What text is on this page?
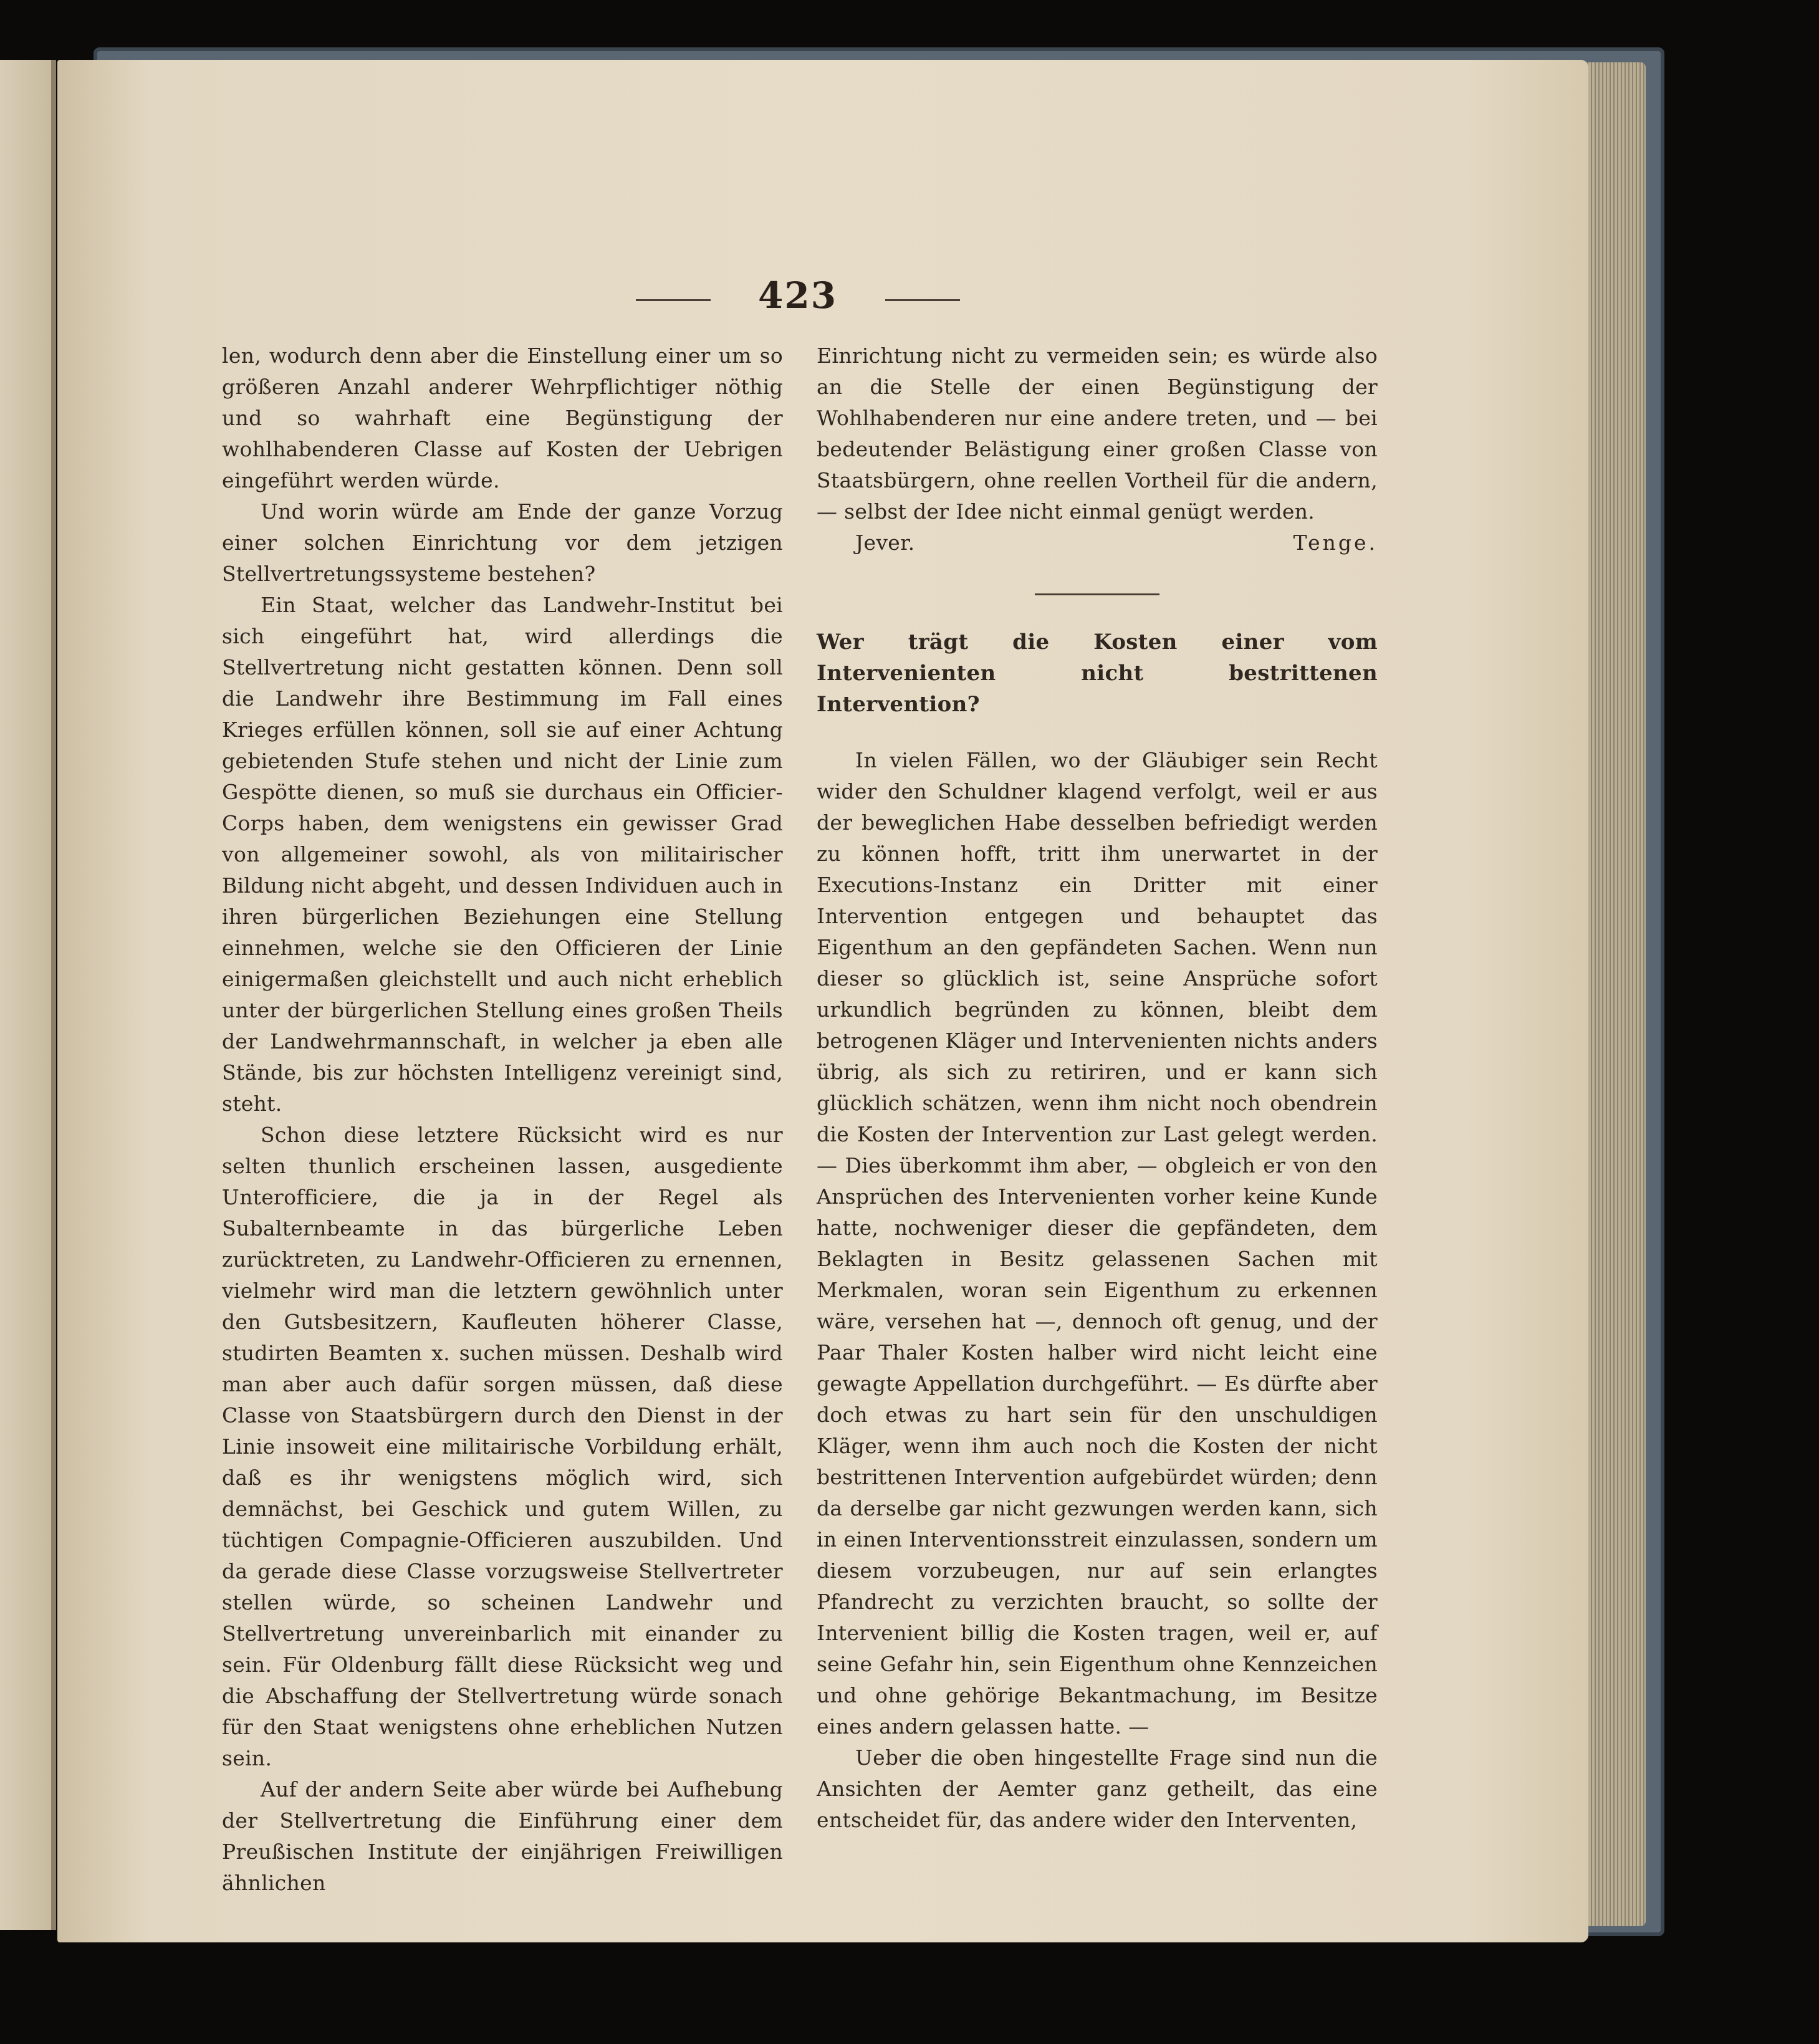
423

len, wodurch denn aber die Einstellung einer um so größeren Anzahl anderer Wehrpflichtiger nöthig und so wahrhaft eine Begünstigung der wohlhabenderen Classe auf Kosten der Uebrigen eingeführt werden würde.

Und worin würde am Ende der ganze Vorzug einer solchen Einrichtung vor dem jetzigen Stellvertretungssysteme bestehen?

Ein Staat, welcher das Landwehr-Institut bei sich eingeführt hat, wird allerdings die Stellvertretung nicht gestatten können. Denn soll die Landwehr ihre Bestimmung im Fall eines Krieges erfüllen können, soll sie auf einer Achtung gebietenden Stufe stehen und nicht der Linie zum Gespötte dienen, so muß sie durchaus ein Officier-Corps haben, dem wenigstens ein gewisser Grad von allgemeiner sowohl, als von militairischer Bildung nicht abgeht, und dessen Individuen auch in ihren bürgerlichen Beziehungen eine Stellung einnehmen, welche sie den Officieren der Linie einigermaßen gleichstellt und auch nicht erheblich unter der bürgerlichen Stellung eines großen Theils der Landwehrmannschaft, in welcher ja eben alle Stände, bis zur höchsten Intelligenz vereinigt sind, steht.

Schon diese letztere Rücksicht wird es nur selten thunlich erscheinen lassen, ausgediente Unterofficiere, die ja in der Regel als Subalternbeamte in das bürgerliche Leben zurücktreten, zu Landwehr-Officieren zu ernennen, vielmehr wird man die letztern gewöhnlich unter den Gutsbesitzern, Kaufleuten höherer Classe, studirten Beamten x. suchen müssen. Deshalb wird man aber auch dafür sorgen müssen, daß diese Classe von Staatsbürgern durch den Dienst in der Linie insoweit eine militairische Vorbildung erhält, daß es ihr wenigstens möglich wird, sich demnächst, bei Geschick und gutem Willen, zu tüchtigen Compagnie-Officieren auszubilden. Und da gerade diese Classe vorzugsweise Stellvertreter stellen würde, so scheinen Landwehr und Stellvertretung unvereinbarlich mit einander zu sein. Für Oldenburg fällt diese Rücksicht weg und die Abschaffung der Stellvertretung würde sonach für den Staat wenigstens ohne erheblichen Nutzen sein.

Auf der andern Seite aber würde bei Aufhebung der Stellvertretung die Einführung einer dem Preußischen Institute der einjährigen Freiwilligen ähnlichen

Einrichtung nicht zu vermeiden sein; es würde also an die Stelle der einen Begünstigung der Wohlhabenderen nur eine andere treten, und — bei bedeutender Belästigung einer großen Classe von Staatsbürgern, ohne reellen Vortheil für die andern, — selbst der Idee nicht einmal genügt werden.

Jever.	Tenge.

Wer trägt die Kosten einer vom Intervenienten nicht bestrittenen Intervention?

In vielen Fällen, wo der Gläubiger sein Recht wider den Schuldner klagend verfolgt, weil er aus der beweglichen Habe desselben befriedigt werden zu können hofft, tritt ihm unerwartet in der Executions-Instanz ein Dritter mit einer Intervention entgegen und behauptet das Eigenthum an den gepfändeten Sachen. Wenn nun dieser so glücklich ist, seine Ansprüche sofort urkundlich begründen zu können, bleibt dem betrogenen Kläger und Intervenienten nichts anders übrig, als sich zu retiriren, und er kann sich glücklich schätzen, wenn ihm nicht noch obendrein die Kosten der Intervention zur Last gelegt werden. — Dies überkommt ihm aber, — obgleich er von den Ansprüchen des Intervenienten vorher keine Kunde hatte, nochweniger dieser die gepfändeten, dem Beklagten in Besitz gelassenen Sachen mit Merkmalen, woran sein Eigenthum zu erkennen wäre, versehen hat —, dennoch oft genug, und der Paar Thaler Kosten halber wird nicht leicht eine gewagte Appellation durchgeführt. — Es dürfte aber doch etwas zu hart sein für den unschuldigen Kläger, wenn ihm auch noch die Kosten der nicht bestrittenen Intervention aufgebürdet würden; denn da derselbe gar nicht gezwungen werden kann, sich in einen Interventionsstreit einzulassen, sondern um diesem vorzubeugen, nur auf sein erlangtes Pfandrecht zu verzichten braucht, so sollte der Intervenient billig die Kosten tragen, weil er, auf seine Gefahr hin, sein Eigenthum ohne Kennzeichen und ohne gehörige Bekantmachung, im Besitze eines andern gelassen hatte. —

Ueber die oben hingestellte Frage sind nun die Ansichten der Aemter ganz getheilt, das eine entscheidet für, das andere wider den Interventen,
